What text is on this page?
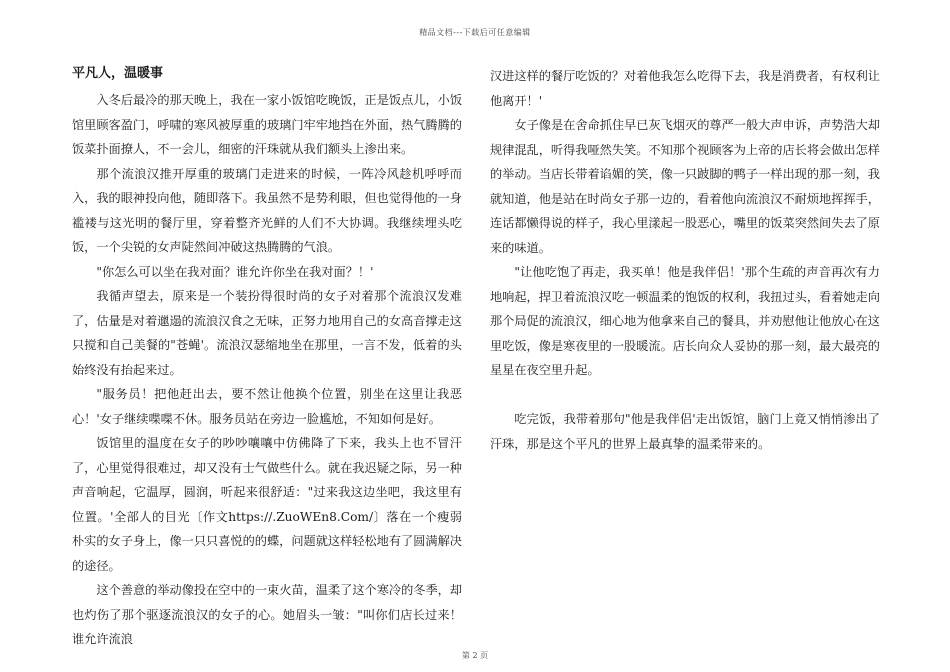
精品文档---下载后可任意编辑
平凡人，温暖事

入冬后最冷的那天晚上，我在一家小饭馆吃晚饭，正是饭点儿，小饭馆里顾客盈门，呼啸的寒风被厚重的玻璃门牢牢地挡在外面，热气腾腾的饭菜扑面撩人，不一会儿，细密的汗珠就从我们额头上渗出来。

那个流浪汉推开厚重的玻璃门走进来的时候，一阵冷风趁机呼呼而入，我的眼神投向他，随即落下。我虽然不是势利眼，但也觉得他的一身褴褛与这光明的餐厅里，穿着整齐光鲜的人们不大协调。我继续埋头吃饭，一个尖锐的女声陡然间冲破这热腾腾的气浪。

"你怎么可以坐在我对面？谁允许你坐在我对面？！'

我循声望去，原来是一个装扮得很时尚的女子对着那个流浪汉发难了，估量是对着邋遢的流浪汉食之无味，正努力地用自己的女高音撑走这只搅和自己美餐的"苍蝇'。流浪汉瑟缩地坐在那里，一言不发，低着的头始终没有抬起来过。

"服务员！把他赶出去，要不然让他换个位置，别坐在这里让我恶心！'女子继续喋喋不休。服务员站在旁边一脸尴尬，不知如何是好。

饭馆里的温度在女子的吵吵嚷嚷中仿佛降了下来，我头上也不冒汗了，心里觉得很难过，却又没有士气做些什么。就在我迟疑之际，另一种声音响起，它温厚，圆润，听起来很舒适："过来我这边坐吧，我这里有位置。'全部人的目光〔作文https://.ZuoWEn8.Com/〕落在一个瘦弱朴实的女子身上，像一只只喜悦的的蝶，问题就这样轻松地有了圆满解决的途径。

这个善意的举动像投在空中的一束火苗，温柔了这个寒冷的冬季，却也灼伤了那个驱逐流浪汉的女子的心。她眉头一皱："叫你们店长过来！谁允许流浪

汉进这样的餐厅吃饭的？对着他我怎么吃得下去，我是消费者，有权利让他离开！'

女子像是在舍命抓住早已灰飞烟灭的尊严一般大声申诉，声势浩大却规律混乱，听得我哑然失笑。不知那个视顾客为上帝的店长将会做出怎样的举动。当店长带着谄媚的笑，像一只跛脚的鸭子一样出现的那一刻，我就知道，他是站在时尚女子那一边的，看着他向流浪汉不耐烦地挥挥手，连话都懒得说的样子，我心里漾起一股恶心，嘴里的饭菜突然间失去了原来的味道。

"让他吃饱了再走，我买单！他是我伴侣！'那个生疏的声音再次有力地响起，捍卫着流浪汉吃一顿温柔的饱饭的权利，我扭过头，看着她走向那个局促的流浪汉，细心地为他拿来自己的餐具，并劝慰他让他放心在这里吃饭，像是寒夜里的一股暖流。店长向众人妥协的那一刻，最大最亮的星星在夜空里升起。

吃完饭，我带着那句"他是我伴侣'走出饭馆，脑门上竟又悄悄渗出了汗珠，那是这个平凡的世界上最真挚的温柔带来的。

第 2 页
